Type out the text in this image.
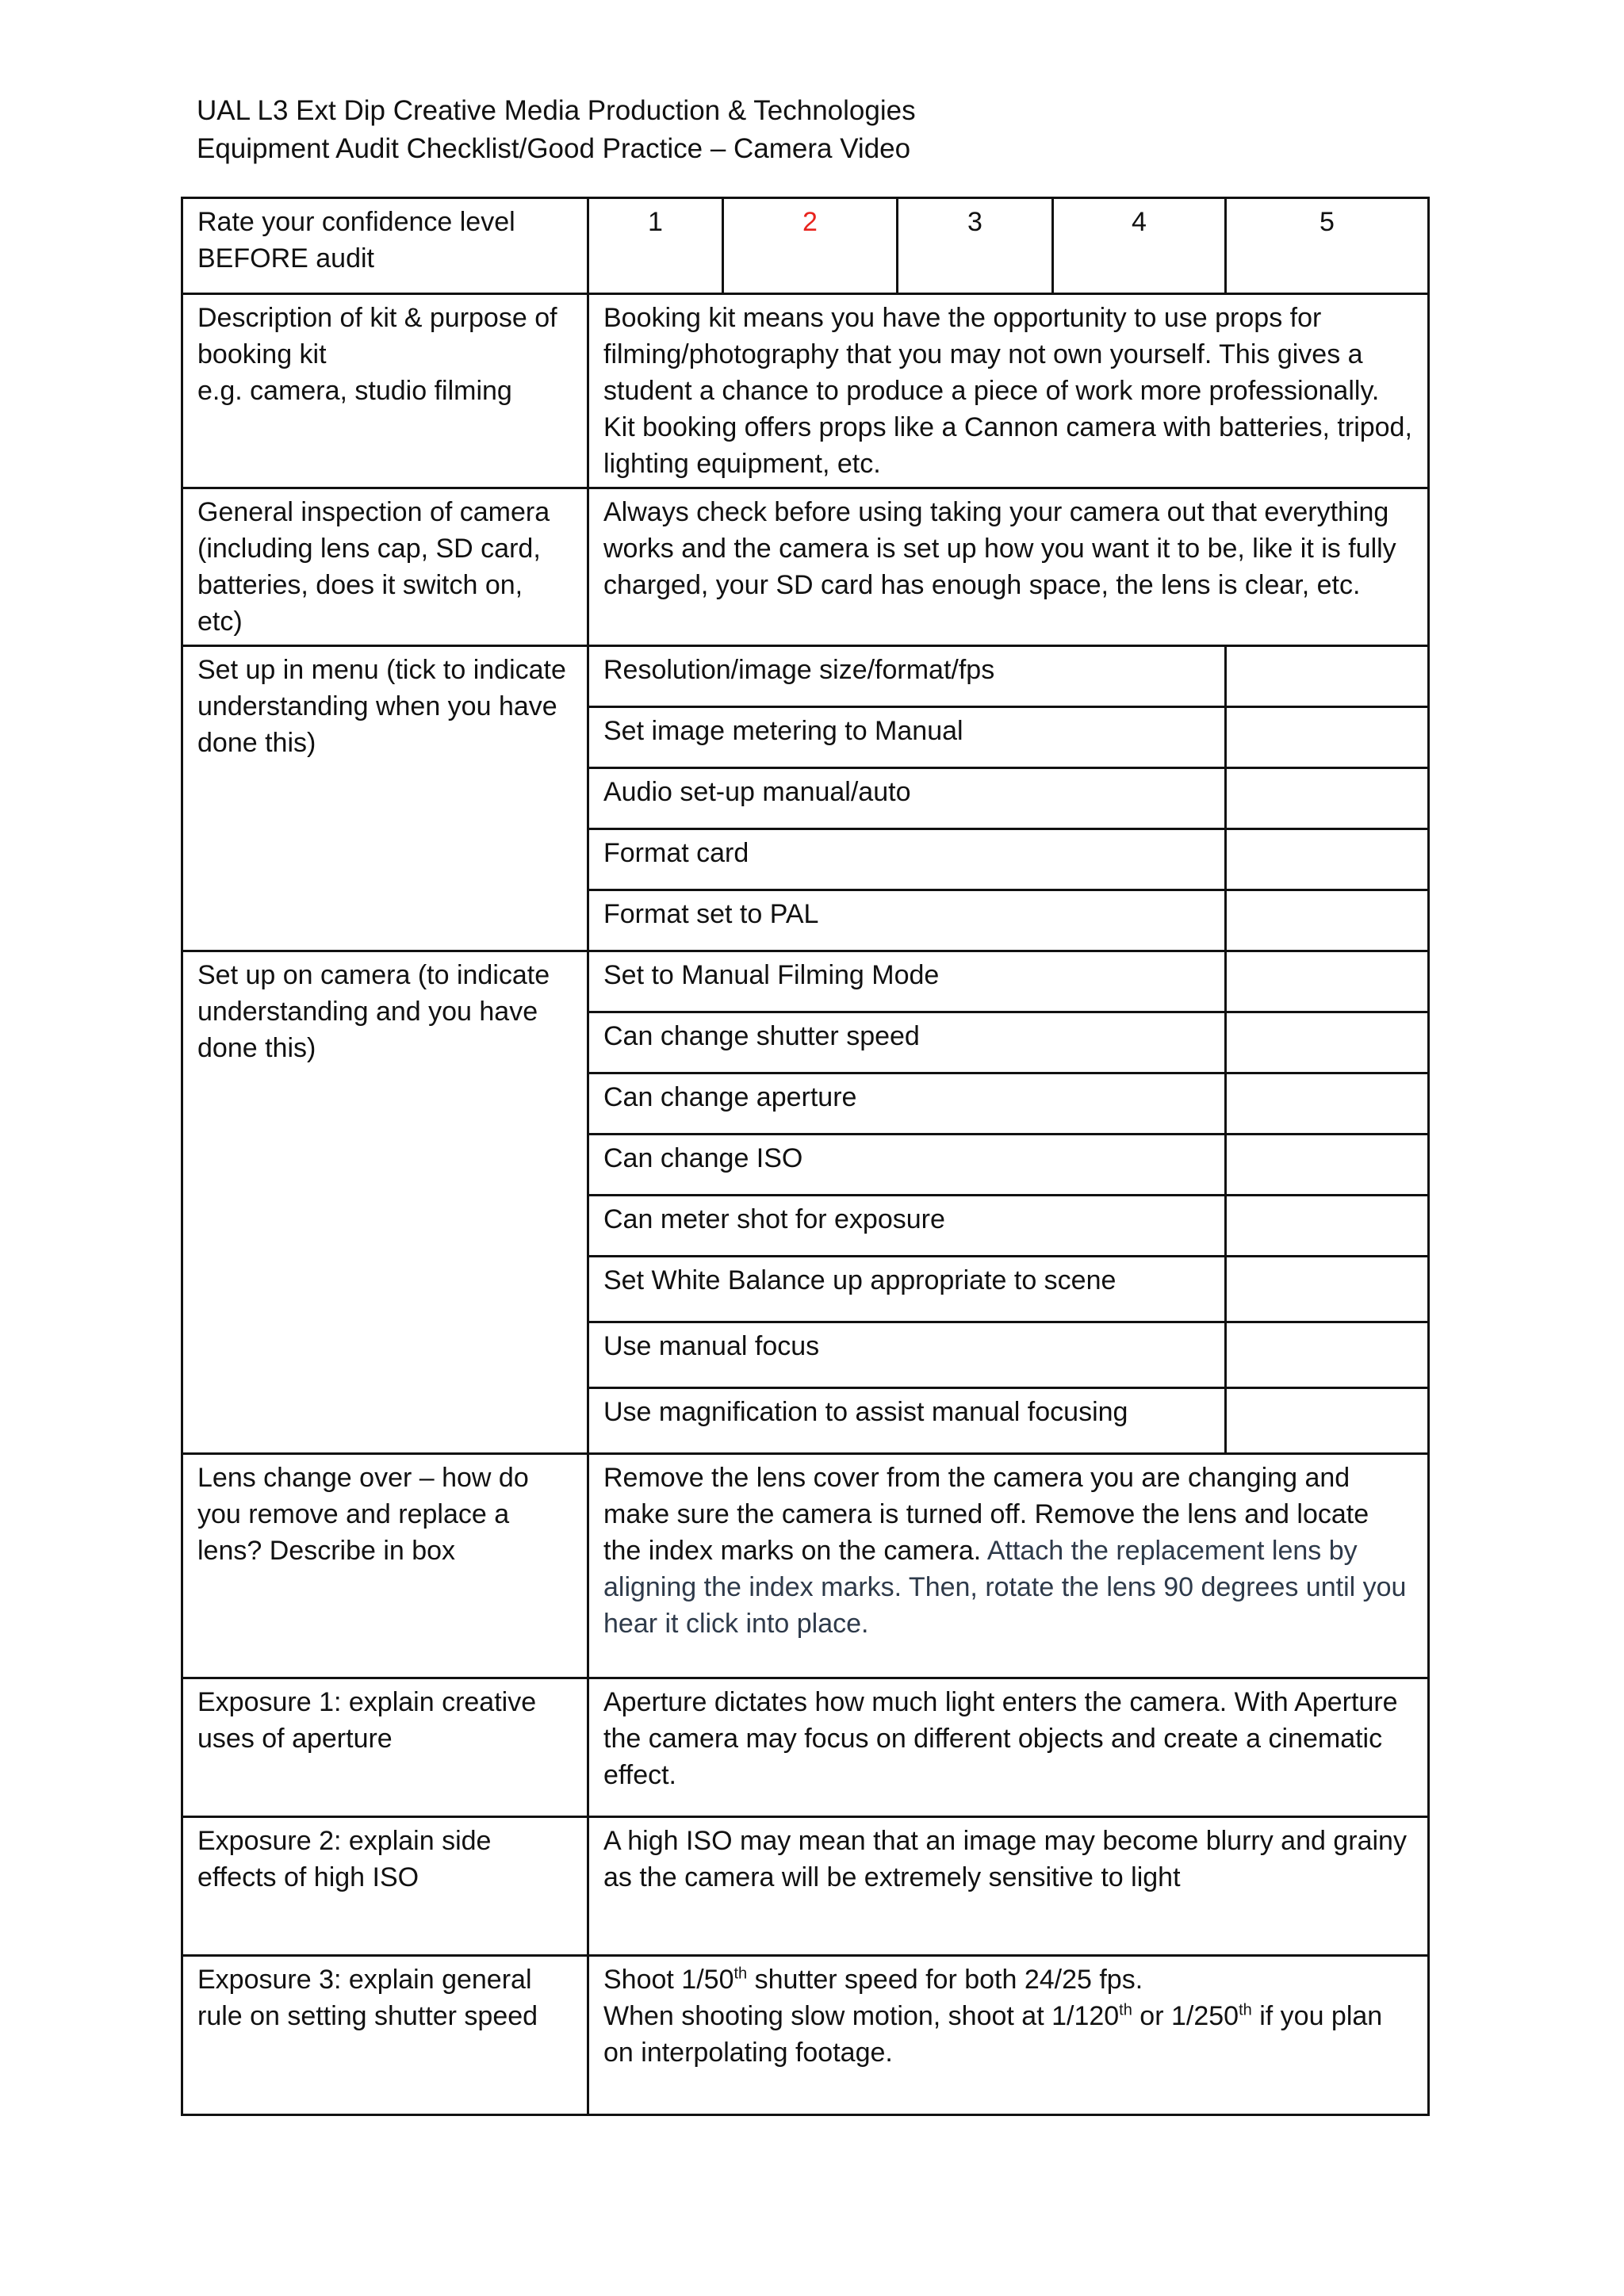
UAL L3 Ext Dip Creative Media Production & Technologies
Equipment Audit Checklist/Good Practice – Camera Video
Rate your confidence level BEFORE audit	1	2	3	4	5

Description of kit & purpose of booking kit
e.g. camera, studio filming	Booking kit means you have the opportunity to use props for filming/photography that you may not own yourself. This gives a student a chance to produce a piece of work more professionally. Kit booking offers props like a Cannon camera with batteries, tripod, lighting equipment, etc.				
General inspection of camera (including lens cap, SD card, batteries, does it switch on, etc)	Always check before using taking your camera out that everything works and the camera is set up how you want it to be, like it is fully charged, your SD card has enough space, the lens is clear, etc.				
Set up in menu (tick to indicate understanding when you have done this)	Resolution/image size/format/fps				
	Set image metering to Manual				
	Audio set-up manual/auto				
	Format card				
	Format set to PAL				
Set up on camera (to indicate understanding and you have done this)	Set to Manual Filming Mode				
	Can change shutter speed				
	Can change aperture				
	Can change ISO				
	Can meter shot for exposure				
	Set White Balance up appropriate to scene				
	Use manual focus				
	Use magnification to assist manual focusing				
Lens change over – how do you remove and replace a lens? Describe in box	Remove the lens cover from the camera you are changing and make sure the camera is turned off. Remove the lens and locate the index marks on the camera. Attach the replacement lens by aligning the index marks. Then, rotate the lens 90 degrees until you hear it click into place.				
Exposure 1: explain creative uses of aperture	Aperture dictates how much light enters the camera. With Aperture the camera may focus on different objects and create a cinematic effect.				
Exposure 2: explain side effects of high ISO	A high ISO may mean that an image may become blurry and grainy as the camera will be extremely sensitive to light				
Exposure 3: explain general rule on setting shutter speed	Shoot 1/50th shutter speed for both 24/25 fps.
When shooting slow motion, shoot at 1/120th or 1/250th if you plan on interpolating footage.				
